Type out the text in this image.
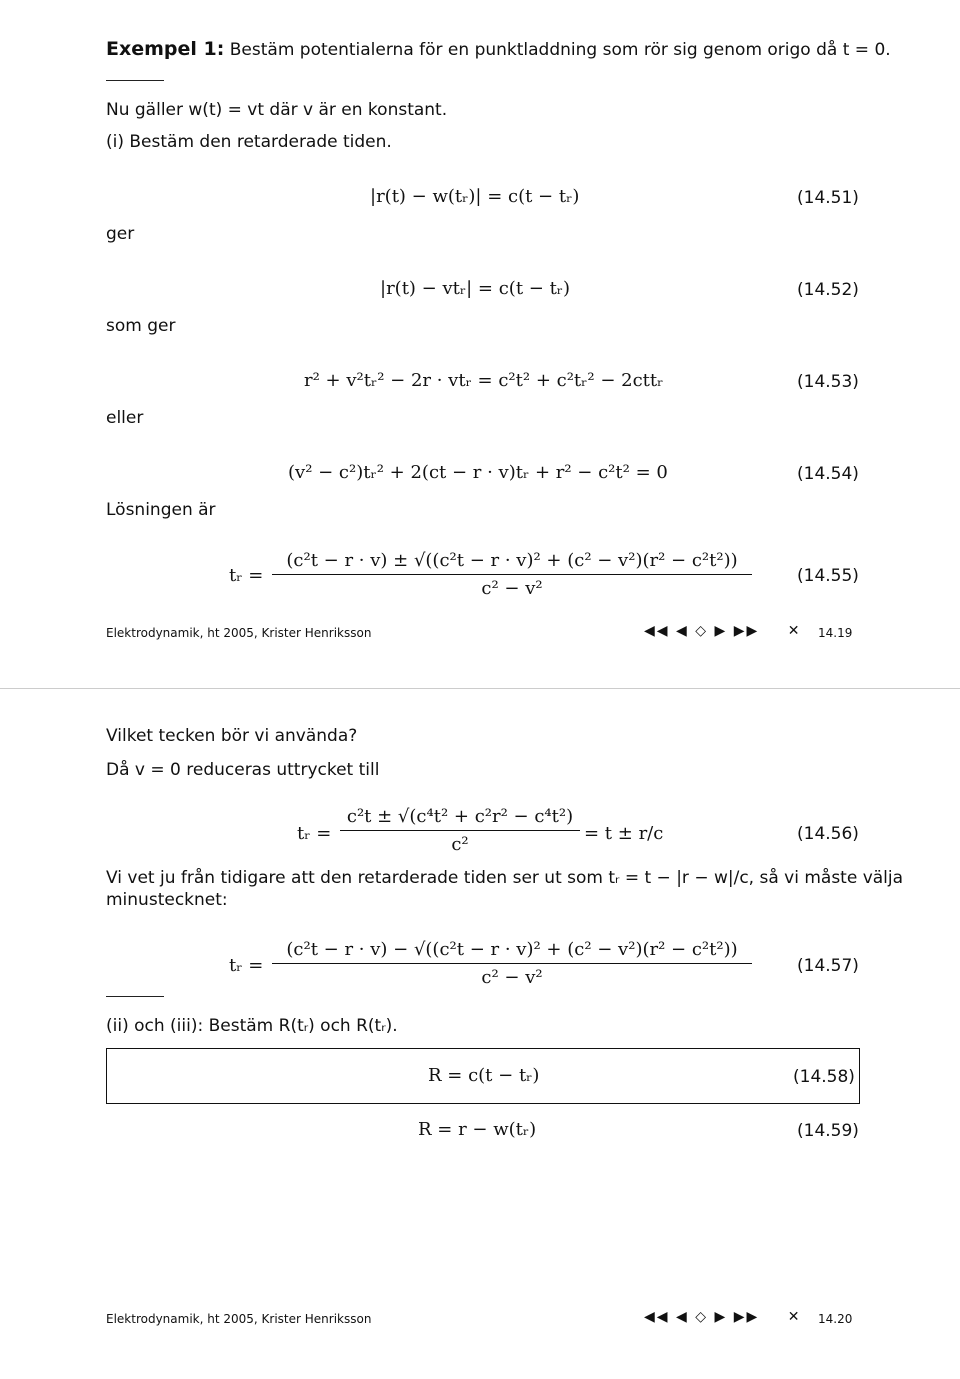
Exempel 1: Bestäm potentialerna för en punktladdning som rör sig genom origo då t = 0.
Nu gäller w(t) = vt där v är en konstant.
(i) Bestäm den retarderade tiden.
|r(t) − w(tᵣ)| = c(t − tᵣ)	(14.51)
ger
|r(t) − vtᵣ| = c(t − tᵣ)	(14.52)
som ger
r² + v²tᵣ² − 2r · vtᵣ = c²t² + c²tᵣ² − 2cttᵣ	(14.53)
eller
(v² − c²)tᵣ² + 2(ct − r · v)tᵣ + r² − c²t² = 0	(14.54)
Lösningen är
tᵣ =
(c²t − r · v) ± √((c²t − r · v)² + (c² − v²)(r² − c²t²))
c² − v²
(14.55)
Elektrodynamik, ht 2005, Krister Henriksson	◀◀ ◀ ◇ ▶ ▶▶ ✕ 14.19
Vilket tecken bör vi använda?
Då v = 0 reduceras uttrycket till
tᵣ =
c²t ± √(c⁴t² + c²r² − c⁴t²)
c²
= t ± r/c	(14.56)
Vi vet ju från tidigare att den retarderade tiden ser ut som tᵣ = t − |r − w|/c, så vi måste välja
minustecknet:
tᵣ =
(c²t − r · v) − √((c²t − r · v)² + (c² − v²)(r² − c²t²))
c² − v²
(14.57)
(ii) och (iii): Bestäm R(tᵣ) och R(tᵣ).
R = c(t − tᵣ)	(14.58)
R = r − w(tᵣ)	(14.59)
Elektrodynamik, ht 2005, Krister Henriksson	◀◀ ◀ ◇ ▶ ▶▶ ✕ 14.20
